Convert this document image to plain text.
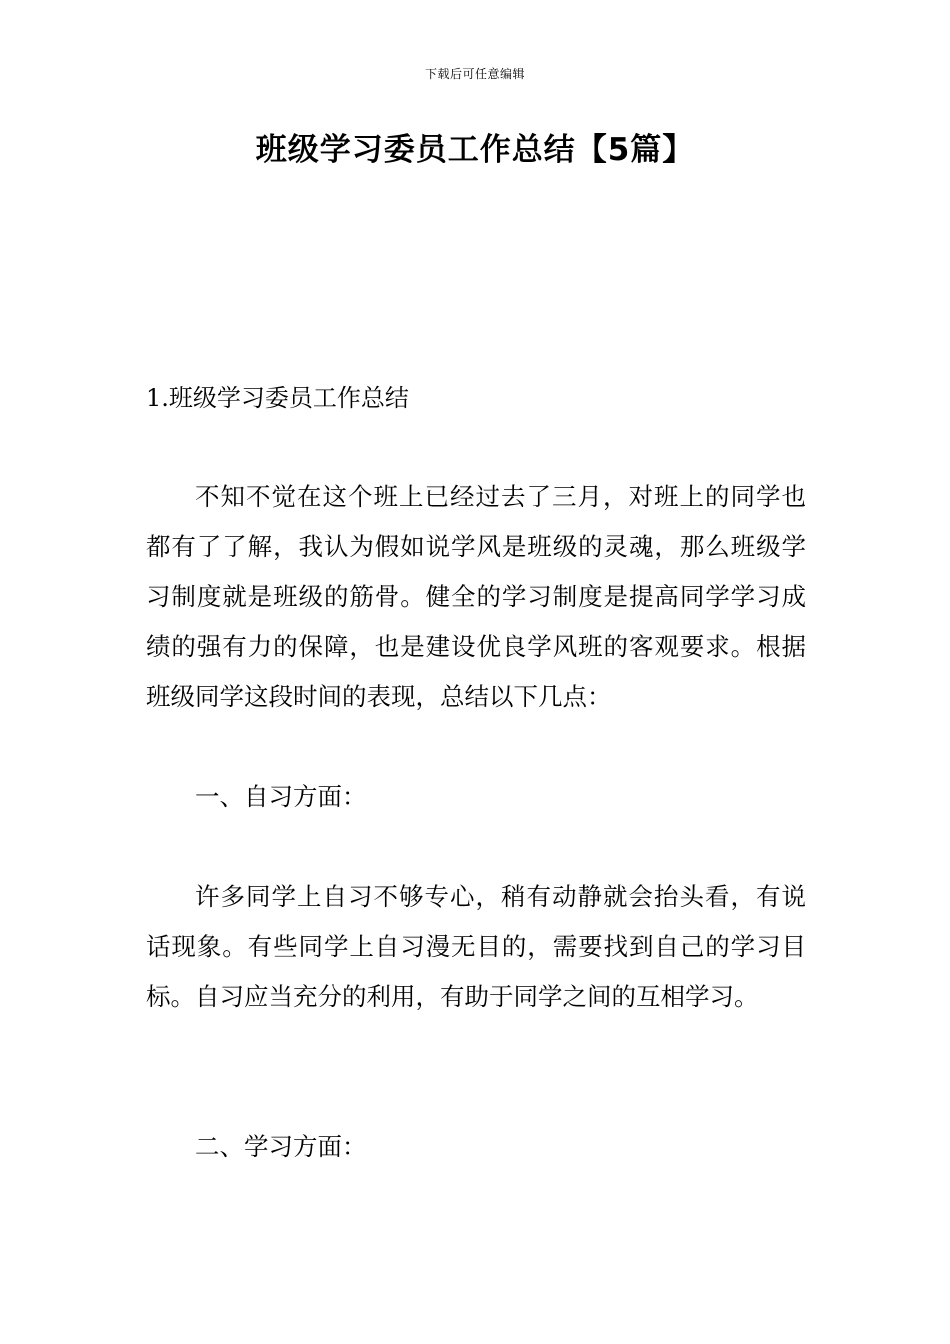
下载后可任意编辑
班级学习委员工作总结【5篇】
1.班级学习委员工作总结
不知不觉在这个班上已经过去了三月，对班上的同学也都有了了解，我认为假如说学风是班级的灵魂，那么班级学习制度就是班级的筋骨。健全的学习制度是提高同学学习成绩的强有力的保障，也是建设优良学风班的客观要求。根据班级同学这段时间的表现，总结以下几点：
一、自习方面：
许多同学上自习不够专心，稍有动静就会抬头看，有说话现象。有些同学上自习漫无目的，需要找到自己的学习目标。自习应当充分的利用，有助于同学之间的互相学习。
二、学习方面：
